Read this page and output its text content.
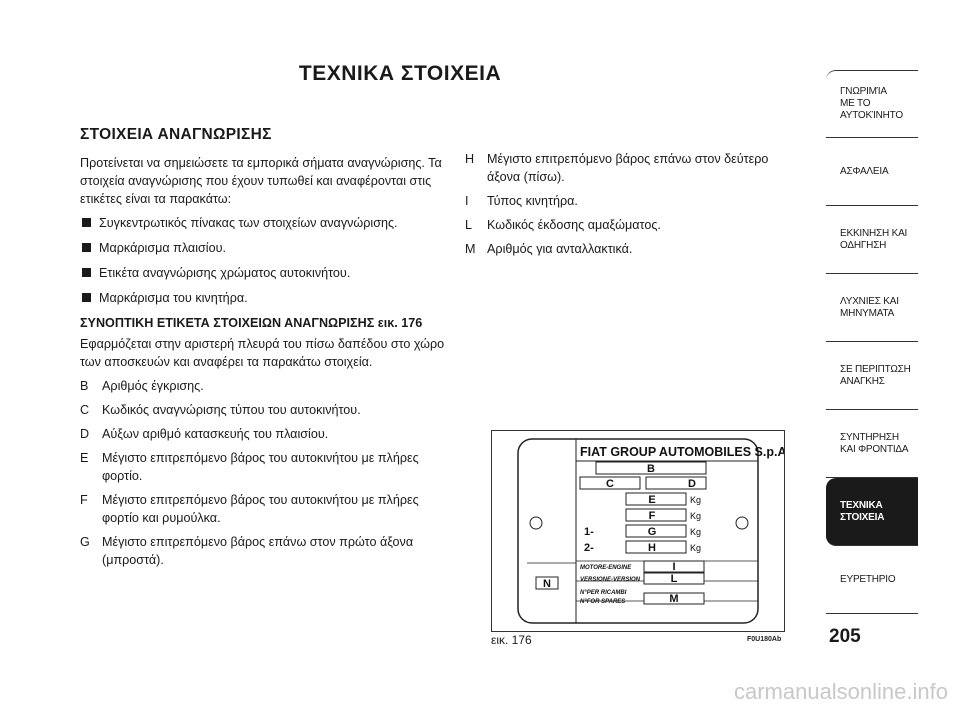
ΤΕΧΝΙΚΑ ΣΤΟΙΧΕΙΑ
ΣΤΟΙΧΕΙΑ ΑΝΑΓΝΩΡΙΣΗΣ
Προτείνεται να σημειώσετε τα εμπορικά σήματα αναγνώρισης. Τα στοιχεία αναγνώρισης που έχουν τυπωθεί και αναφέρονται στις ετικέτες είναι τα παρακάτω:
Συγκεντρωτικός πίνακας των στοιχείων αναγνώρισης.
Μαρκάρισμα πλαισίου.
Ετικέτα αναγνώρισης χρώματος αυτοκινήτου.
Μαρκάρισμα του κινητήρα.
ΣΥΝΟΠΤΙΚΗ ΕΤΙΚΕΤΑ ΣΤΟΙΧΕΙΩΝ ΑΝΑΓΝΩΡΙΣΗΣ εικ. 176
Εφαρμόζεται στην αριστερή πλευρά του πίσω δαπέδου στο χώρο των αποσκευών και αναφέρει τα παρακάτω στοιχεία.
B	Αριθμός έγκρισης.
C	Κωδικός αναγνώρισης τύπου του αυτοκινήτου.
D	Αύξων αριθμό κατασκευής του πλαισίου.
E	Μέγιστο επιτρεπόμενο βάρος του αυτοκινήτου με πλήρες φορτίο.
F	Μέγιστο επιτρεπόμενο βάρος του αυτοκινήτου με πλήρες φορτίο και ρυμούλκα.
G Μέγιστο επιτρεπόμενο βάρος επάνω στον πρώτο άξονα (μπροστά).
H	Μέγιστο επιτρεπόμενο βάρος επάνω στον δεύτερο άξονα (πίσω).
I	Τύπος κινητήρα.
L	Κωδικός έκδοσης αμαξώματος.
M Αριθμός για ανταλλακτικά.
FIAT GROUP AUTOMOBILES S.p.A.
B
C	D
E	Kg
F	Kg
1-	G	Kg
2-	H	Kg
MOTORE-ENGINE	I
VERSIONE-VERSION	L
N°PER RICAMBI
N°FOR SPARES	M
N
εικ. 176	F0U180Ab
ΓΝΩΡΙΜΊΑ
ΜΕ ΤΟ
ΑΥΤΟΚΊΝΗΤΟ
ΑΣΦΑΛΕΙΑ
ΕΚΚΙΝΗΣΗ ΚΑΙ
ΟΔΗΓΗΣΗ
ΛΥΧΝΙΕΣ ΚΑΙ
ΜΗΝΥΜΑΤΑ
ΣΕ ΠΕΡΙΠΤΩΣΗ
ΑΝΑΓΚΗΣ
ΣΥΝΤΗΡΗΣΗ
ΚΑΙ ΦΡΟΝΤΙΔΑ
ΤΕΧΝΙΚΑ
ΣΤΟΙΧΕΙΑ
ΕΥΡΕΤΗΡΙΟ
205
carmanualsonline.info
